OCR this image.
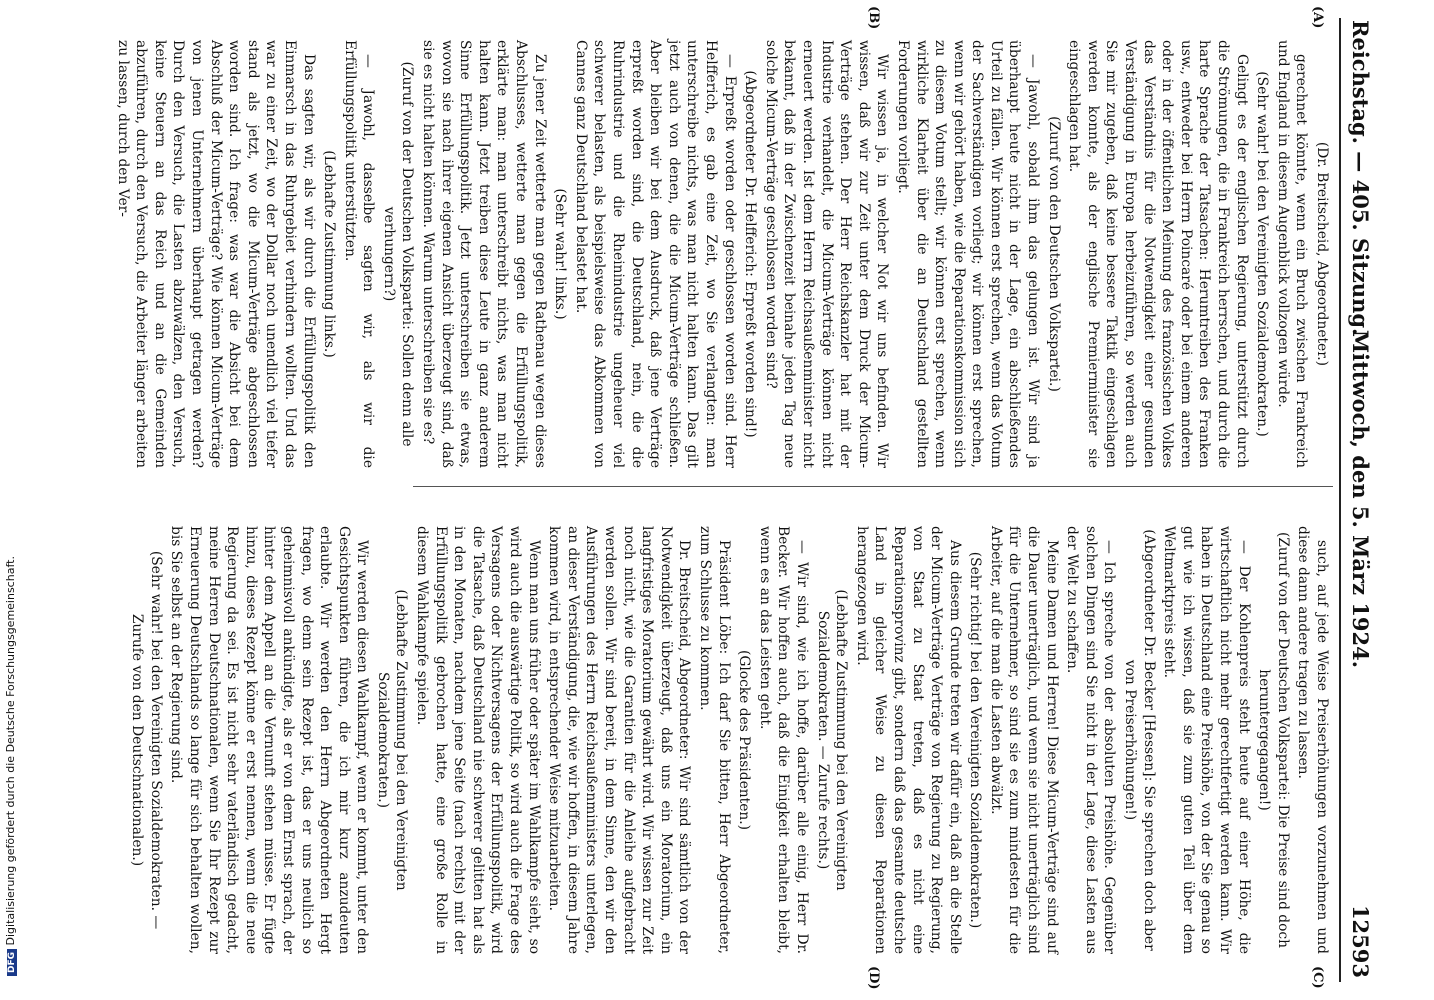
Reichstag. — 405. Sitzung.
Mittwoch, den 5. März 1924.
12593
(A)
(B)
(C)
(D)

(Dr. Breitscheid, Abgeordneter.)

gerechnet könnte, wenn ein Bruch zwischen Frankreich und England in diesem Augenblick vollzogen würde.

(Sehr wahr! bei den Vereinigten Sozialdemokraten.)

Gelingt es der englischen Regierung, unterstützt durch die Strömungen, die in Frankreich herrschen, und durch die harte Sprache der Tatsachen: Herumtreiben des Franken usw., entweder bei Herrn Poincaré oder bei einem anderen oder in der öffentlichen Meinung des französischen Volkes das Verständnis für die Notwendigkeit einer gesunden Verständigung in Europa herbeizuführen, so werden auch Sie mir zugeben, daß keine bessere Taktik eingeschlagen werden konnte, als der englische Premierminister sie eingeschlagen hat.

(Zuruf von den Deutschen Volkspartei.)

— Jawohl, sobald ihm das gelungen ist. Wir sind ja überhaupt heute nicht in der Lage, ein abschließendes Urteil zu fällen. Wir können erst sprechen, wenn das Votum der Sachverständigen vorliegt; wir können erst sprechen, wenn wir gehört haben, wie die Reparationskommission sich zu diesem Votum stellt; wir können erst sprechen, wenn wirkliche Klarheit über die an Deutschland gestellten Forderungen vorliegt.

Wir wissen ja, in welcher Not wir uns befinden. Wir wissen, daß wir zur Zeit unter dem Druck der Micum-Verträge stehen. Der Herr Reichskanzler hat mit der Industrie verhandelt, die Micum-Verträge können nicht erneuert werden. Ist dem Herrn Reichsaußenminister nicht bekannt, daß in der Zwischenzeit beinahe jeden Tag neue solche Micum-Verträge geschlossen worden sind?

(Abgeordneter Dr. Helfferich: Erpreßt worden sind!)

— Erpreßt worden oder geschlossen worden sind. Herr Helfferich, es gab eine Zeit, wo Sie verlangten: man unterschreibe nichts, was man nicht halten kann. Das gilt jetzt auch von denen, die die Micum-Verträge schließen. Aber bleiben wir bei dem Ausdruck, daß jene Verträge erpreßt worden sind, die Deutschland, nein, die die Ruhrindustrie und die Rheinindustrie ungeheuer viel schwerer belasten, als beispielsweise das Abkommen von Cannes ganz Deutschland belastet hat.

(Sehr wahr! links.)

Zu jener Zeit wetterte man gegen Rathenau wegen dieses Abschlusses, wetterte man gegen die Erfüllungspolitik, erklärte man: man unterschreibt nichts, was man nicht halten kann. Jetzt treiben diese Leute in ganz anderem Sinne Erfüllungspolitik. Jetzt unterschreiben sie etwas, wovon sie nach ihrer eigenen Ansicht überzeugt sind, daß sie es nicht halten können. Warum unterschreiben sie es?

(Zuruf von der Deutschen Volkspartei: Sollen denn alle verhungern?)

— Jawohl, dasselbe sagten wir, als wir die Erfüllungspolitik unterstützten.

(Lebhafte Zustimmung links.)

Das sagten wir, als wir durch die Erfüllungspolitik den Einmarsch in das Ruhrgebiet verhindern wollten. Und das war zu einer Zeit, wo der Dollar noch unendlich viel tiefer stand als jetzt, wo die Micum-Verträge abgeschlossen worden sind. Ich frage: was war die Absicht bei dem Abschluß der Micum-Verträge? Wie können Micum-Verträge von jenen Unternehmern überhaupt getragen werden? Durch den Versuch, die Lasten abzuwälzen, den Versuch, keine Steuern an das Reich und an die Gemeinden abzuführen, durch den Versuch, die Arbeiter länger arbeiten zu lassen, durch den Ver-

such, auf jede Weise Preiserhöhungen vorzunehmen und diese dann andere tragen zu lassen.

(Zuruf von der Deutschen Volkspartei: Die Preise sind doch heruntergegangen!)

— Der Kohlenpreis steht heute auf einer Höhe, die wirtschaftlich nicht mehr gerechtfertigt werden kann. Wir haben in Deutschland eine Preishöhe, von der Sie genau so gut wie ich wissen, daß sie zum guten Teil über dem Weltmarktpreis steht.

(Abgeordneter Dr. Becker [Hessen]: Sie sprechen doch aber von Preiserhöhungen!)

— Ich spreche von der absoluten Preishöhe. Gegenüber solchen Dingen sind Sie nicht in der Lage, diese Lasten aus der Welt zu schaffen.

Meine Damen und Herren! Diese Micum-Verträge sind auf die Dauer unerträglich, und wenn sie nicht unerträglich sind für die Unternehmer, so sind sie es zum mindesten für die Arbeiter, auf die man die Lasten abwälzt.

(Sehr richtig! bei den Vereinigten Sozialdemokraten.)

Aus diesem Grunde treten wir dafür ein, daß an die Stelle der Micum-Verträge Verträge von Regierung zu Regierung, von Staat zu Staat treten, daß es nicht eine Reparationsprovinz gibt, sondern daß das gesamte deutsche Land in gleicher Weise zu diesen Reparationen herangezogen wird.

(Lebhafte Zustimmung bei den Vereinigten Sozialdemokraten. — Zurufe rechts.)

— Wir sind, wie ich hoffe, darüber alle einig, Herr Dr. Becker. Wir hoffen auch, daß die Einigkeit erhalten bleibt, wenn es an das Leisten geht.

(Glocke des Präsidenten.)

Präsident Löbe: Ich darf Sie bitten, Herr Abgeordneter, zum Schlusse zu kommen.

Dr. Breitscheid, Abgeordneter: Wir sind sämtlich von der Notwendigkeit überzeugt, daß uns ein Moratorium, ein langfristiges Moratorium gewährt wird. Wir wissen zur Zeit noch nicht, wie die Garantien für die Anleihe aufgebracht werden sollen. Wir sind bereit, in dem Sinne, den wir den Ausführungen des Herrn Reichsaußenministers unterlegen, an dieser Verständigung, die, wie wir hoffen, in diesem Jahre kommen wird, in entsprechender Weise mitzuarbeiten.

Wenn man uns früher oder später im Wahlkampfe sieht, so wird auch die auswärtige Politik, so wird auch die Frage des Versagens oder Nichtversagens der Erfüllungspolitik, wird die Tatsache, daß Deutschland nie schwerer gelitten hat als in den Monaten, nachdem jene Seite (nach rechts) mit der Erfüllungspolitik gebrochen hatte, eine große Rolle in diesem Wahlkampfe spielen.

(Lebhafte Zustimmung bei den Vereinigten Sozialdemokraten.)

Wir werden diesen Wahlkampf, wenn er kommt, unter den Gesichtspunkten führen, die ich mir kurz anzudeuten erlaubte. Wir werden den Herrn Abgeordneten Hergt fragen, wo denn sein Rezept ist, das er uns neulich so geheimnisvoll ankündigte, als er von dem Ernst sprach, der hinter dem Appell an die Vernunft stehen müsse. Er fügte hinzu, dieses Rezept könne er erst nennen, wenn die neue Regierung da sei. Es ist nicht sehr vaterländisch gedacht, meine Herren Deutschnationalen, wenn Sie Ihr Rezept zur Erneuerung Deutschlands so lange für sich behalten wollen, bis Sie selbst an der Regierung sind.

(Sehr wahr! bei den Vereinigten Sozialdemokraten. — Zurufe von den Deutschnationalen.)

DFG Digitalisierung gefördert durch die Deutsche Forschungsgemeinschaft.
